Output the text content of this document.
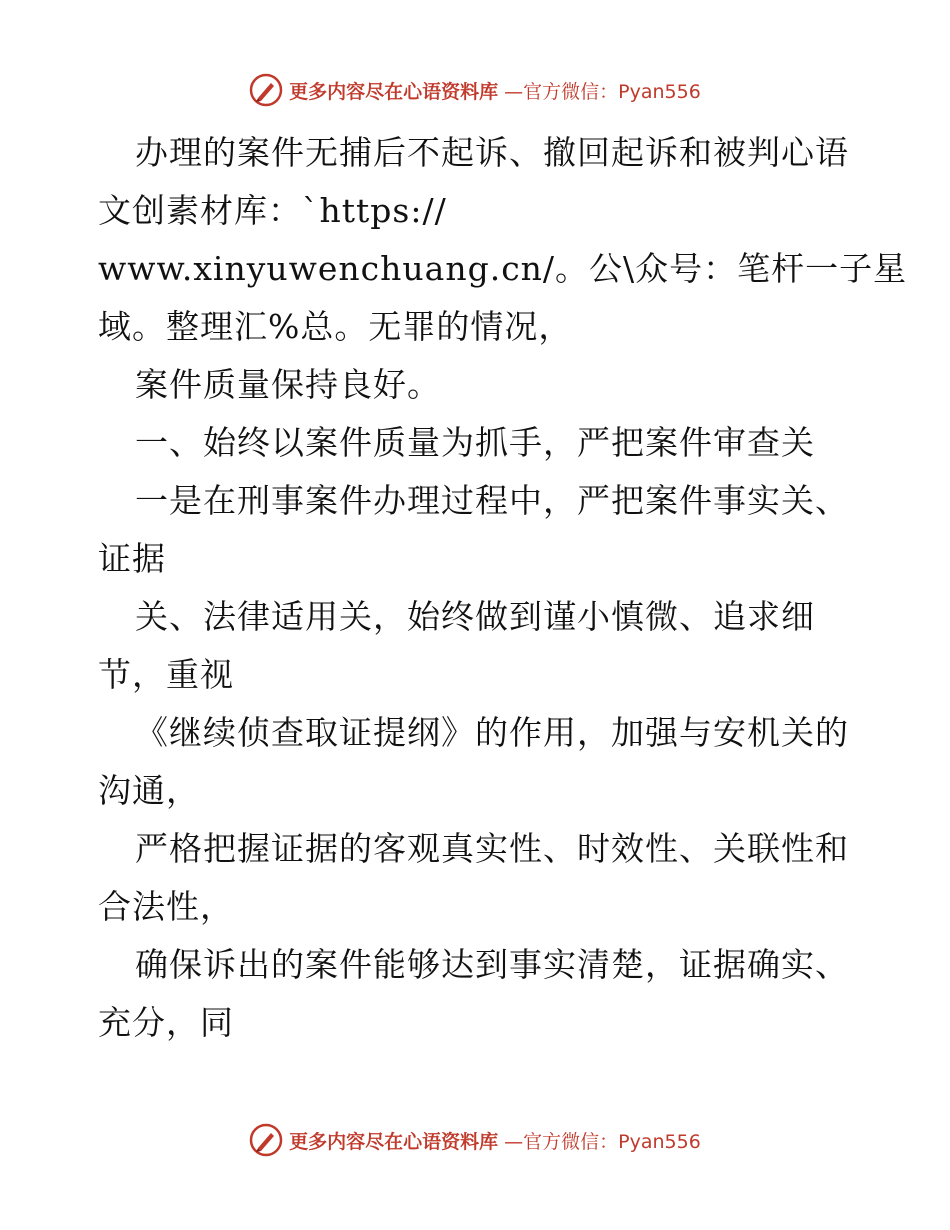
更多内容尽在心语资料库 —官方微信：Pyan556
办理的案件无捕后不起诉、撤回起诉和被判心语
文创素材库：`https://
www.xinyuwenchuang.cn/。公\众号：笔杆一子星
域。整理汇%总。无罪的情况，
案件质量保持良好。
一、始终以案件质量为抓手，严把案件审查关
一是在刑事案件办理过程中，严把案件事实关、
证据
关、法律适用关，始终做到谨小慎微、追求细
节，重视
《继续侦查取证提纲》的作用，加强与安机关的
沟通，
严格把握证据的客观真实性、时效性、关联性和
合法性，
确保诉出的案件能够达到事实清楚，证据确实、
充分，同
更多内容尽在心语资料库 —官方微信：Pyan556
